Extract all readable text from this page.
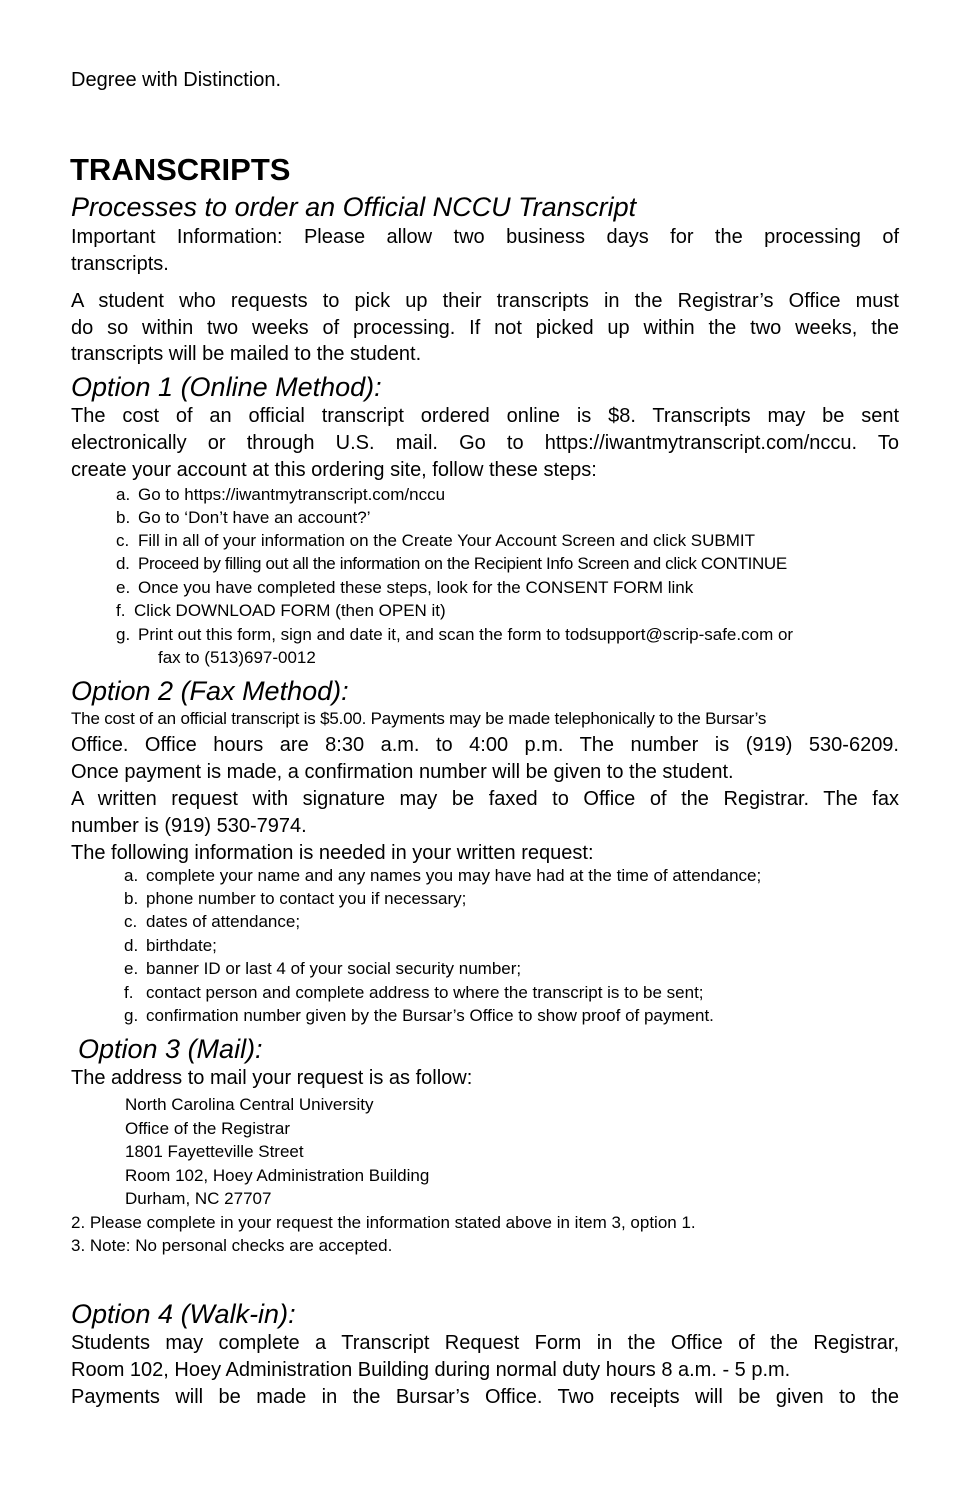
Degree with Distinction.
TRANSCRIPTS
Processes to order an Official NCCU Transcript
Important Information: Please allow two business days for the processing of
transcripts.
A student who requests to pick up their transcripts in the Registrar’s Office must
do so within two weeks of processing. If not picked up within the two weeks, the
transcripts will be mailed to the student.
Option 1 (Online Method):
The cost of an official transcript ordered online is $8. Transcripts may be sent
electronically or through U.S. mail. Go to https://iwantmytranscript.com/nccu. To
create your account at this ordering site, follow these steps:
a. Go to https://iwantmytranscript.com/nccu
b. Go to ‘Don’t have an account?’
c. Fill in all of your information on the Create Your Account Screen and click SUBMIT
d. Proceed by filling out all the information on the Recipient Info Screen and click CONTINUE
e. Once you have completed these steps, look for the CONSENT FORM link
f. Click DOWNLOAD FORM (then OPEN it)
g. Print out this form, sign and date it, and scan the form to todsupport@scrip-safe.com or
fax to (513)697-0012
Option 2 (Fax Method):
The cost of an official transcript is $5.00. Payments may be made telephonically to the Bursar’s
Office. Office hours are 8:30 a.m. to 4:00 p.m. The number is (919) 530-6209.
Once payment is made, a confirmation number will be given to the student.
A written request with signature may be faxed to Office of the Registrar. The fax
number is (919) 530-7974.
The following information is needed in your written request:
a. complete your name and any names you may have had at the time of attendance;
b. phone number to contact you if necessary;
c. dates of attendance;
d. birthdate;
e. banner ID or last 4 of your social security number;
f. contact person and complete address to where the transcript is to be sent;
g. confirmation number given by the Bursar’s Office to show proof of payment.
Option 3 (Mail):
The address to mail your request is as follow:
North Carolina Central University
Office of the Registrar
1801 Fayetteville Street
Room 102, Hoey Administration Building
Durham, NC 27707
2. Please complete in your request the information stated above in item 3, option 1.
3. Note: No personal checks are accepted.
Option 4 (Walk-in):
Students may complete a Transcript Request Form in the Office of the Registrar,
Room 102, Hoey Administration Building during normal duty hours 8 a.m. - 5 p.m.
Payments will be made in the Bursar’s Office. Two receipts will be given to the
